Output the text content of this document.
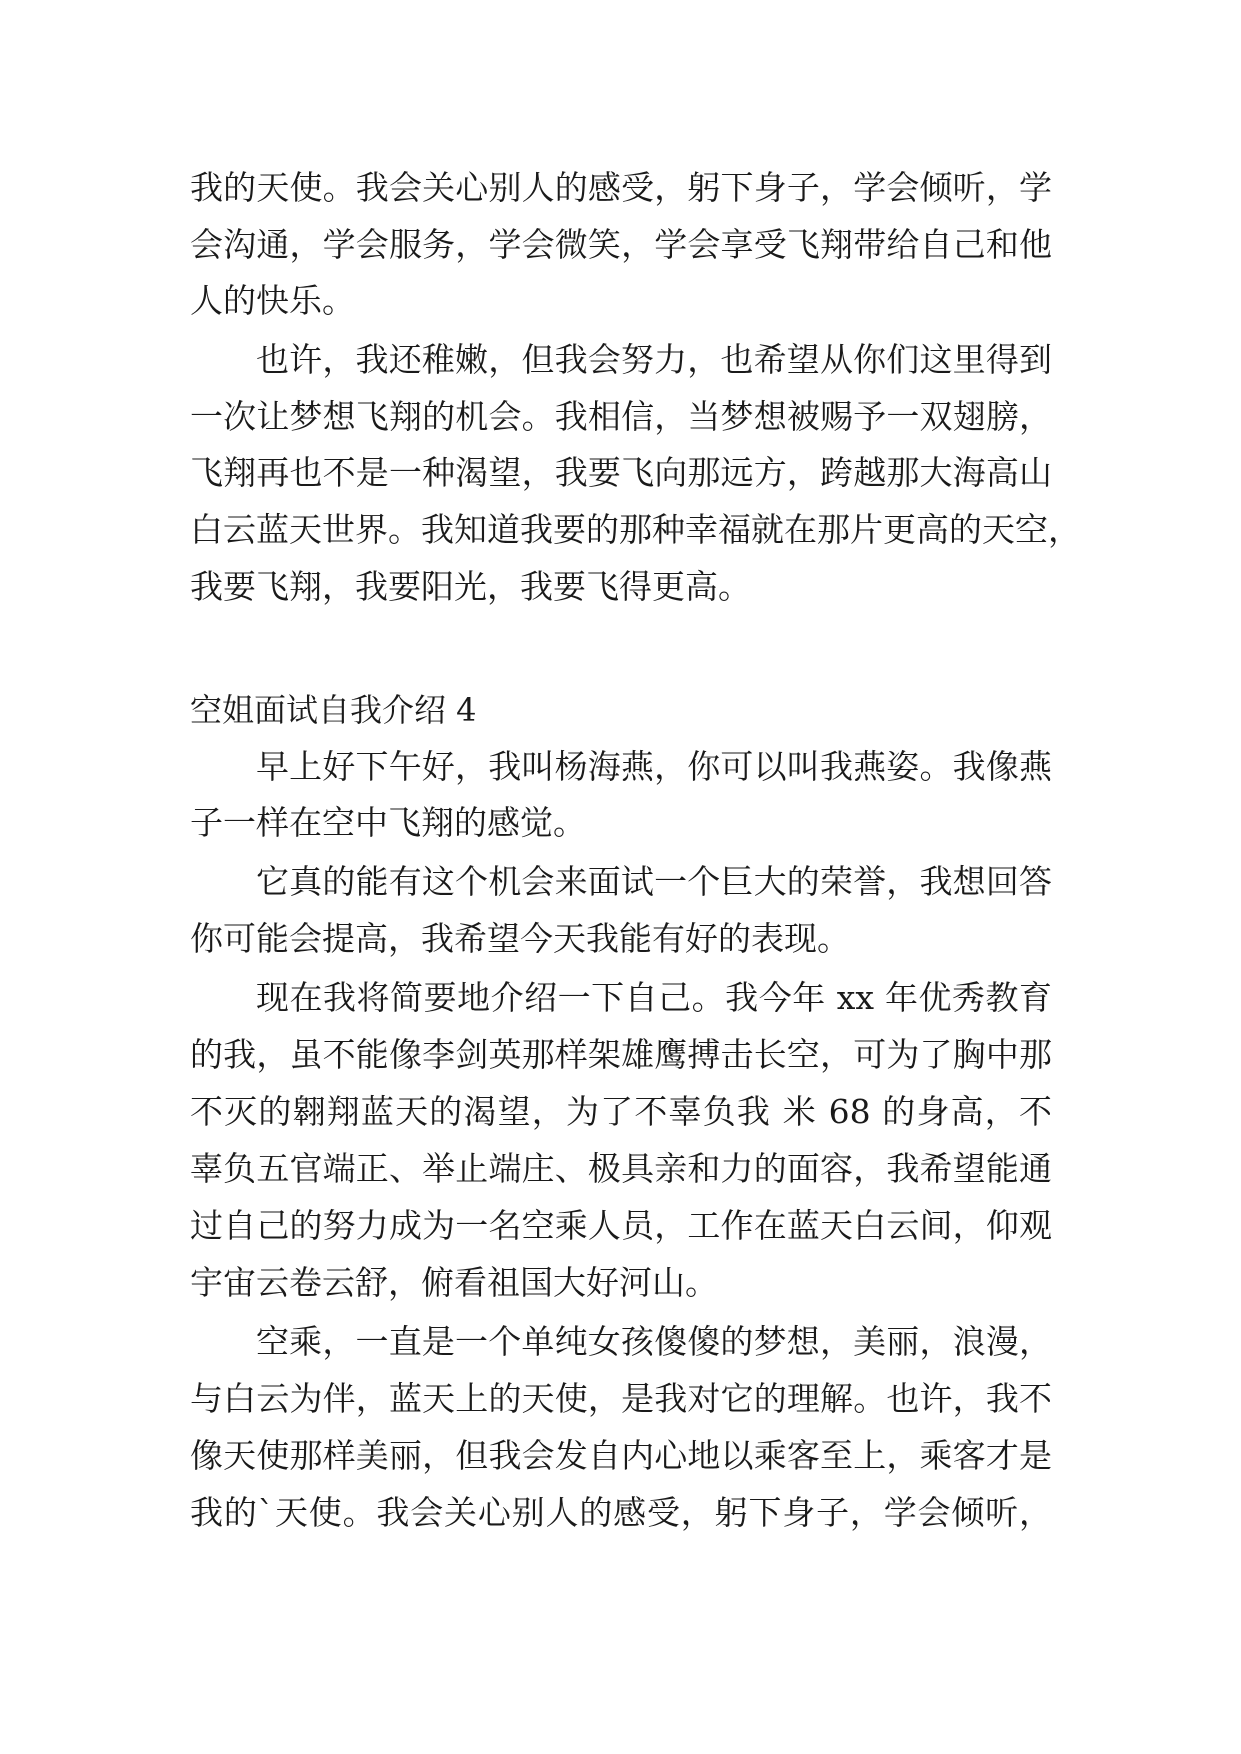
我的天使。我会关心别人的感受，躬下身子，学会倾听，学
会沟通，学会服务，学会微笑，学会享受飞翔带给自己和他
人的快乐。
也许，我还稚嫩，但我会努力，也希望从你们这里得到
一次让梦想飞翔的机会。我相信，当梦想被赐予一双翅膀，
飞翔再也不是一种渴望，我要飞向那远方，跨越那大海高山
白云蓝天世界。我知道我要的那种幸福就在那片更高的天空，
我要飞翔，我要阳光，我要飞得更高。
空姐面试自我介绍 4
早上好下午好，我叫杨海燕，你可以叫我燕姿。我像燕
子一样在空中飞翔的感觉。
它真的能有这个机会来面试一个巨大的荣誉，我想回答
你可能会提高，我希望今天我能有好的表现。
现在我将简要地介绍一下自己。我今年 xx 年优秀教育
的我，虽不能像李剑英那样架雄鹰搏击长空，可为了胸中那
不灭的翱翔蓝天的渴望，为了不辜负我 米 68 的身高，不
辜负五官端正、举止端庄、极具亲和力的面容，我希望能通
过自己的努力成为一名空乘人员，工作在蓝天白云间，仰观
宇宙云卷云舒，俯看祖国大好河山。
空乘，一直是一个单纯女孩傻傻的梦想，美丽，浪漫，
与白云为伴，蓝天上的天使，是我对它的理解。也许，我不
像天使那样美丽，但我会发自内心地以乘客至上，乘客才是
我的`天使。我会关心别人的感受，躬下身子，学会倾听，
